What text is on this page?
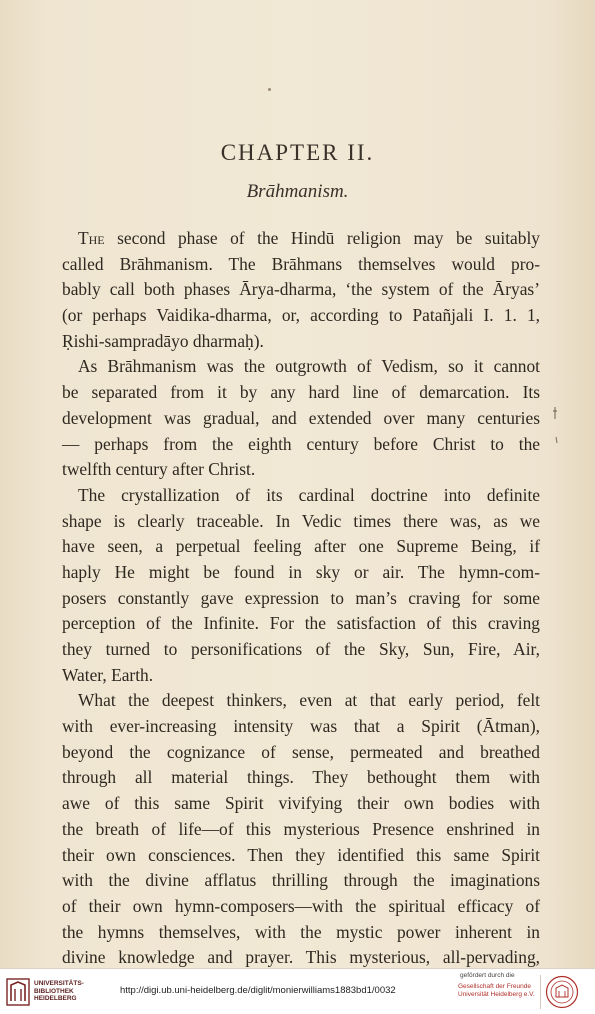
CHAPTER II.
Brāhmanism.
The second phase of the Hindū religion may be suitably
called Brāhmanism. The Brāhmans themselves would pro-
bably call both phases Ārya-dharma, ‘the system of the Āryas’
(or perhaps Vaidika-dharma, or, according to Patañjali I. 1. 1,
Ṛishi-sampradāyo dharmaḥ).
As Brāhmanism was the outgrowth of Vedism, so it cannot
be separated from it by any hard line of demarcation. Its
development was gradual, and extended over many centuries
— perhaps from the eighth century before Christ to the
twelfth century after Christ.
The crystallization of its cardinal doctrine into definite
shape is clearly traceable. In Vedic times there was, as we
have seen, a perpetual feeling after one Supreme Being, if
haply He might be found in sky or air. The hymn-com-
posers constantly gave expression to man’s craving for some
perception of the Infinite. For the satisfaction of this craving
they turned to personifications of the Sky, Sun, Fire, Air,
Water, Earth.
What the deepest thinkers, even at that early period, felt
with ever-increasing intensity was that a Spirit (Ātman),
beyond the cognizance of sense, permeated and breathed
through all material things. They bethought them with
awe of this same Spirit vivifying their own bodies with
the breath of life—of this mysterious Presence enshrined in
their own consciences. Then they identified this same Spirit
with the divine afflatus thrilling through the imaginations
of their own hymn-composers—with the spiritual efficacy of
the hymns themselves, with the mystic power inherent in
divine knowledge and prayer. This mysterious, all-pervading,
UNIVERSITÄTS-
BIBLIOTHEK
HEIDELBERG
http://digi.ub.uni-heidelberg.de/diglit/monierwilliams1883bd1/0032
gefördert durch die
Gesellschaft der Freunde
Universität Heidelberg e.V.
